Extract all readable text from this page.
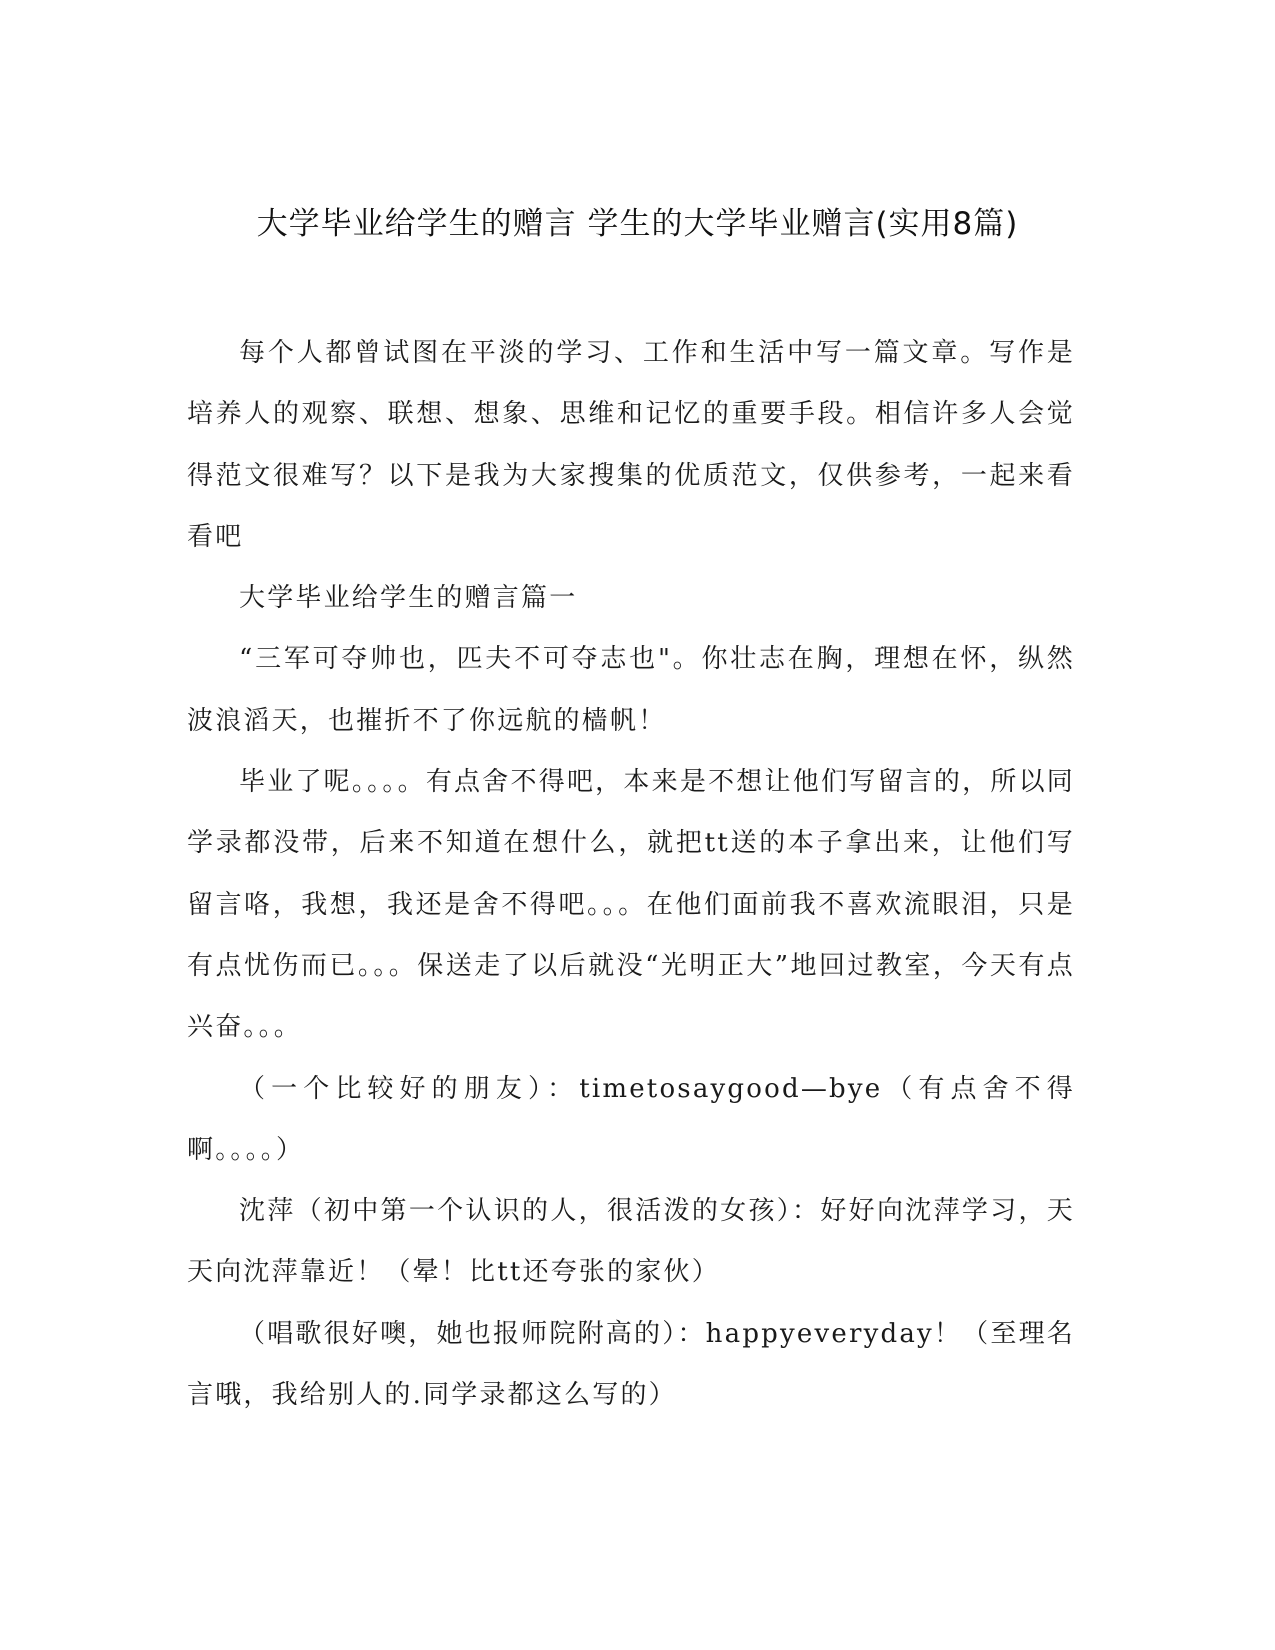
大学毕业给学生的赠言 学生的大学毕业赠言(实用8篇)

每个人都曾试图在平淡的学习、工作和生活中写一篇文章。写作是培养人的观察、联想、想象、思维和记忆的重要手段。相信许多人会觉得范文很难写？以下是我为大家搜集的优质范文，仅供参考，一起来看看吧

大学毕业给学生的赠言篇一

“三军可夺帅也，匹夫不可夺志也"。你壮志在胸，理想在怀，纵然波浪滔天，也摧折不了你远航的樯帆！

毕业了呢。。。。有点舍不得吧，本来是不想让他们写留言的，所以同学录都没带，后来不知道在想什么，就把tt送的本子拿出来，让他们写留言咯，我想，我还是舍不得吧。。。在他们面前我不喜欢流眼泪，只是有点忧伤而已。。。保送走了以后就没“光明正大”地回过教室，今天有点兴奋。。。

（一个比较好的朋友）：timetosaygood—bye（有点舍不得啊。。。。）

沈萍（初中第一个认识的人，很活泼的女孩）：好好向沈萍学习，天天向沈萍靠近！（晕！比tt还夸张的家伙）

（唱歌很好噢，她也报师院附高的）：happyeveryday！（至理名言哦，我给别人的.同学录都这么写的）
